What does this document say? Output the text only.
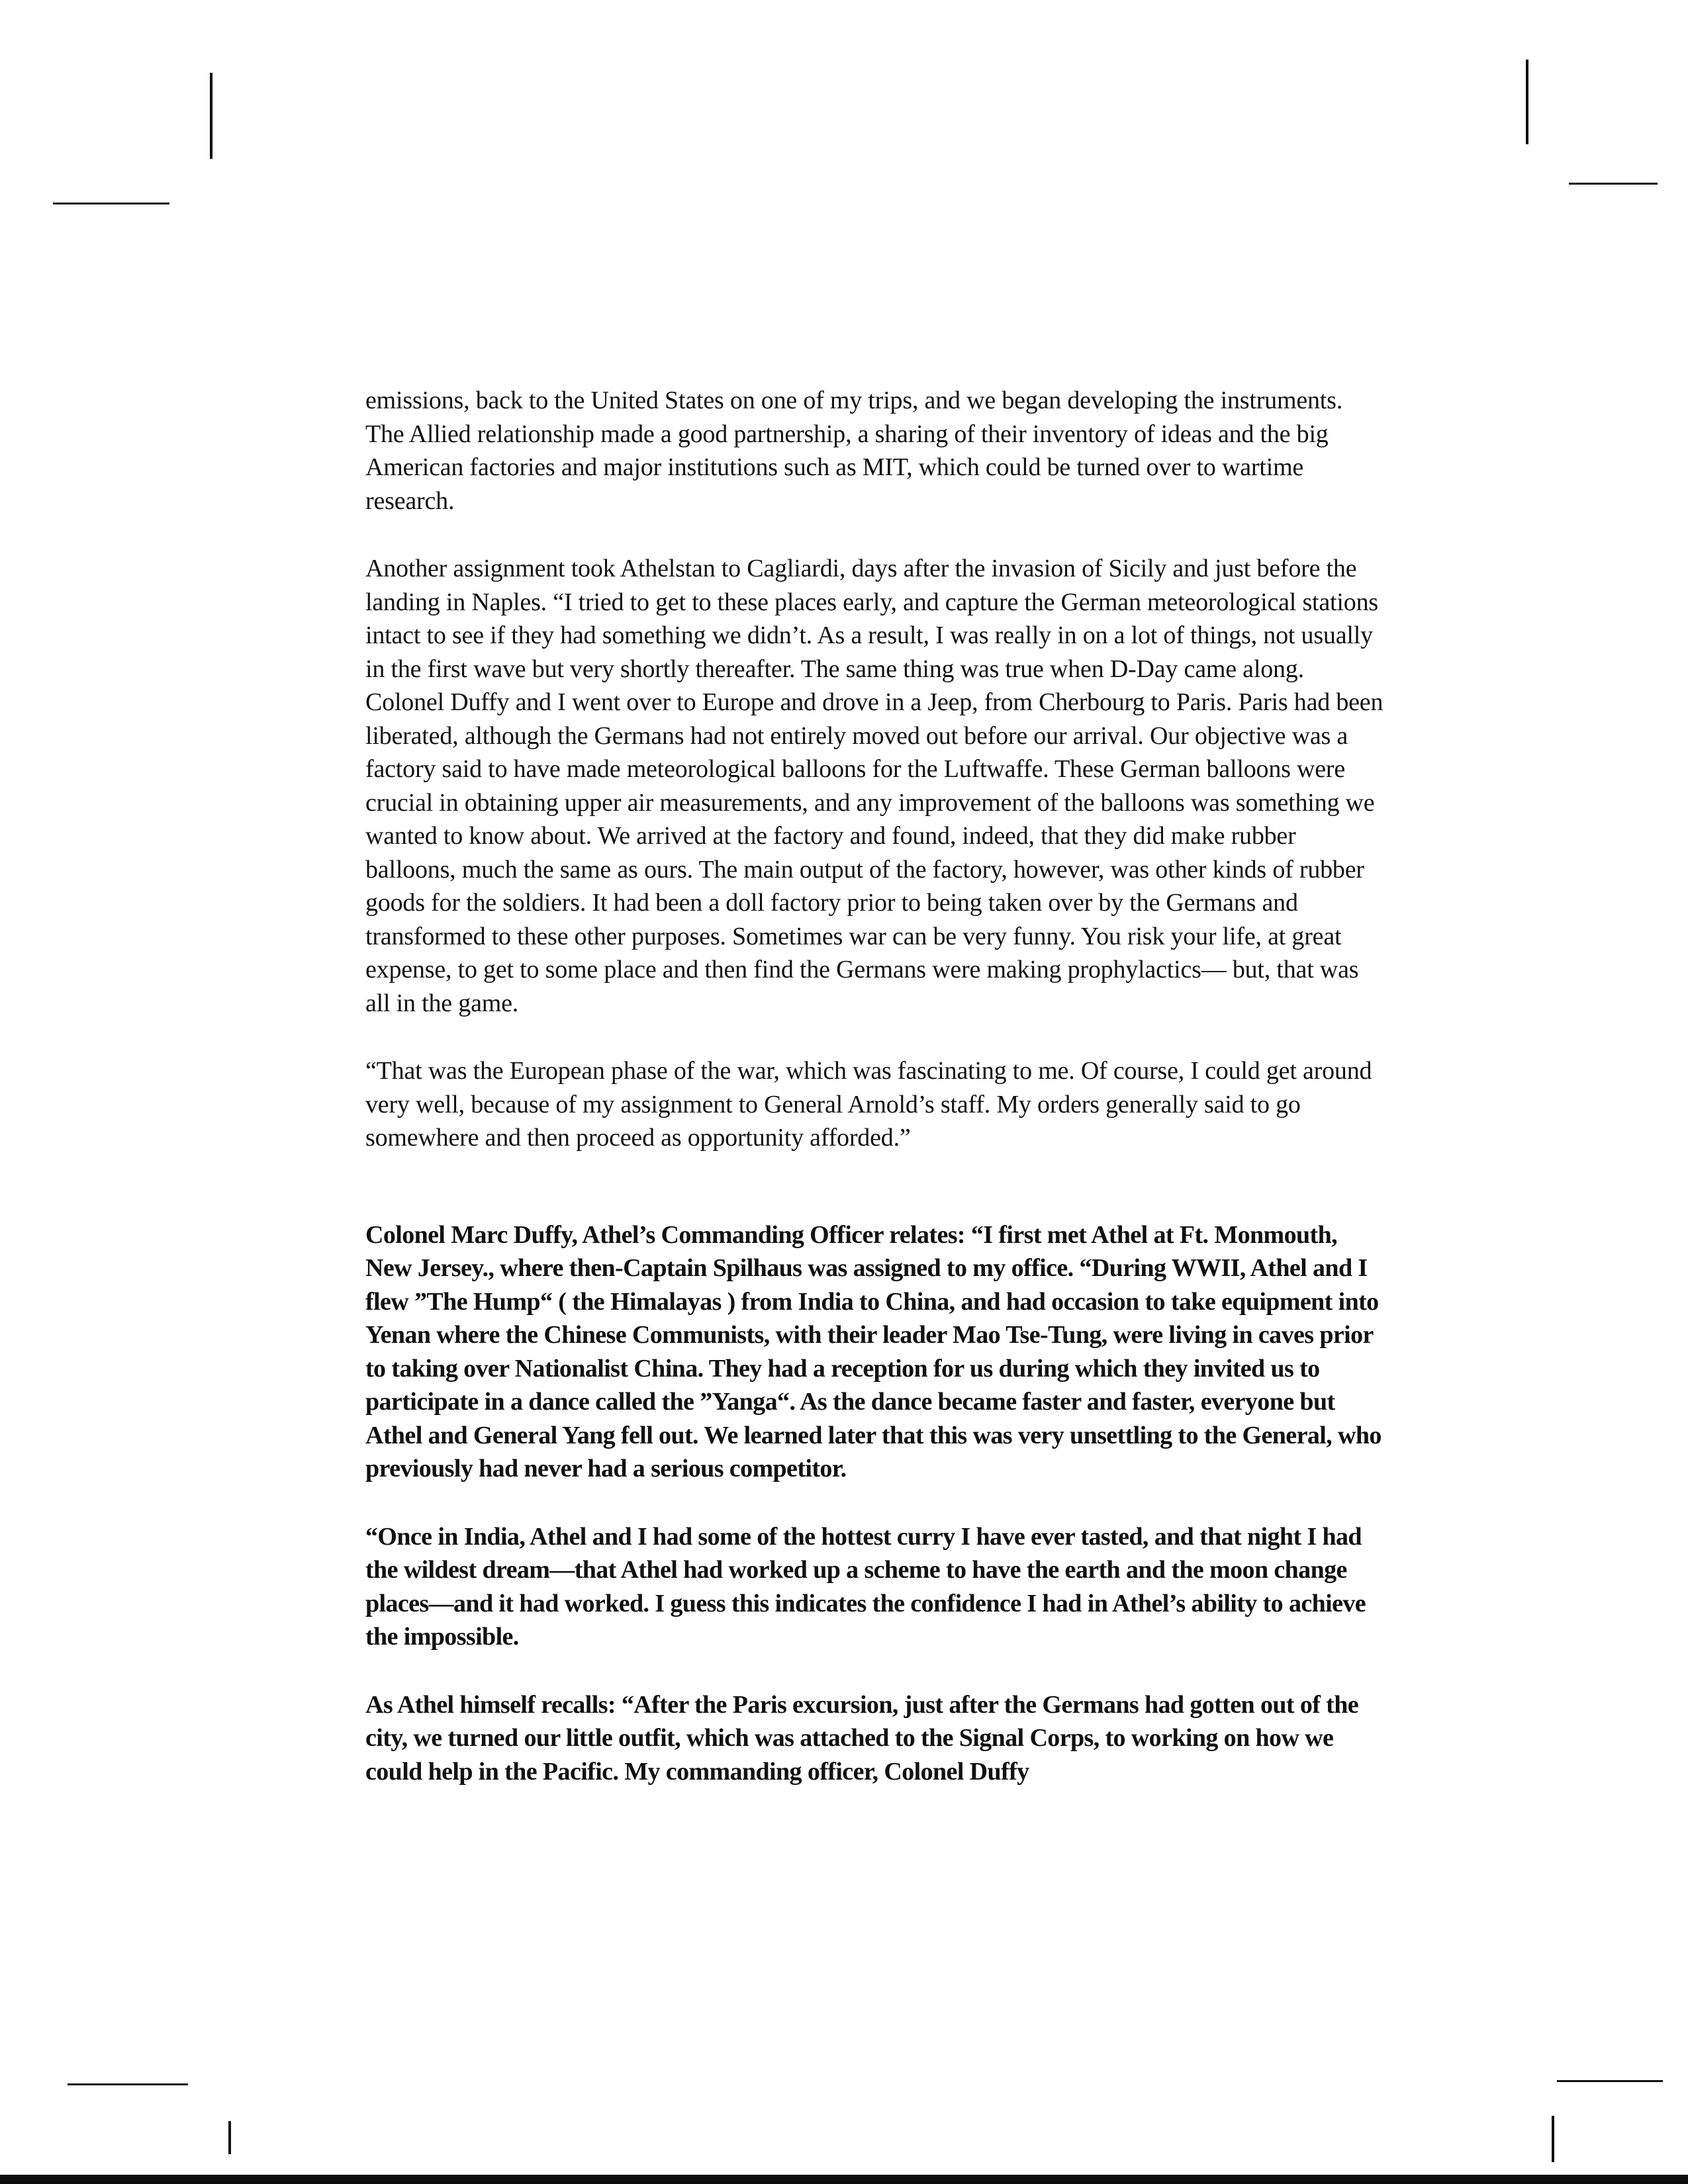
emissions, back to the United States on one of my trips, and we began developing the instruments. The Allied relationship made a good partnership, a sharing of their inventory of ideas and the big American factories and major institutions such as MIT, which could be turned over to wartime research.

Another assignment took Athelstan to Cagliardi, days after the invasion of Sicily and just before the landing in Naples. “I tried to get to these places early, and capture the German meteorological stations intact to see if they had something we didn’t. As a result, I was really in on a lot of things, not usually in the first wave but very shortly thereafter. The same thing was true when D-Day came along. Colonel Duffy and I went over to Europe and drove in a Jeep, from Cherbourg to Paris. Paris had been liberated, although the Germans had not entirely moved out before our arrival. Our objective was a factory said to have made meteorological balloons for the Luftwaffe. These German balloons were crucial in obtaining upper air measurements, and any improvement of the balloons was something we wanted to know about. We arrived at the factory and found, indeed, that they did make rubber balloons, much the same as ours. The main output of the factory, however, was other kinds of rubber goods for the soldiers. It had been a doll factory prior to being taken over by the Germans and transformed to these other purposes. Sometimes war can be very funny. You risk your life, at great expense, to get to some place and then find the Germans were making prophylactics— but, that was all in the game.

“That was the European phase of the war, which was fascinating to me. Of course, I could get around very well, because of my assignment to General Arnold’s staff. My orders generally said to go somewhere and then proceed as opportunity afforded.”

Colonel Marc Duffy, Athel’s Commanding Officer relates: “I first met Athel at Ft. Monmouth, New Jersey., where then-Captain Spilhaus was assigned to my office. “During WWII, Athel and I flew ”The Hump“ ( the Himalayas ) from India to China, and had occasion to take equipment into Yenan where the Chinese Communists, with their leader Mao Tse-Tung, were living in caves prior to taking over Nationalist China. They had a reception for us during which they invited us to participate in a dance called the ”Yanga“. As the dance became faster and faster, everyone but Athel and General Yang fell out. We learned later that this was very unsettling to the General, who previously had never had a serious competitor.

“Once in India, Athel and I had some of the hottest curry I have ever tasted, and that night I had the wildest dream—that Athel had worked up a scheme to have the earth and the moon change places—and it had worked. I guess this indicates the confidence I had in Athel’s ability to achieve the impossible.

As Athel himself recalls: “After the Paris excursion, just after the Germans had gotten out of the city, we turned our little outfit, which was attached to the Signal Corps, to working on how we could help in the Pacific. My commanding officer, Colonel Duffy
